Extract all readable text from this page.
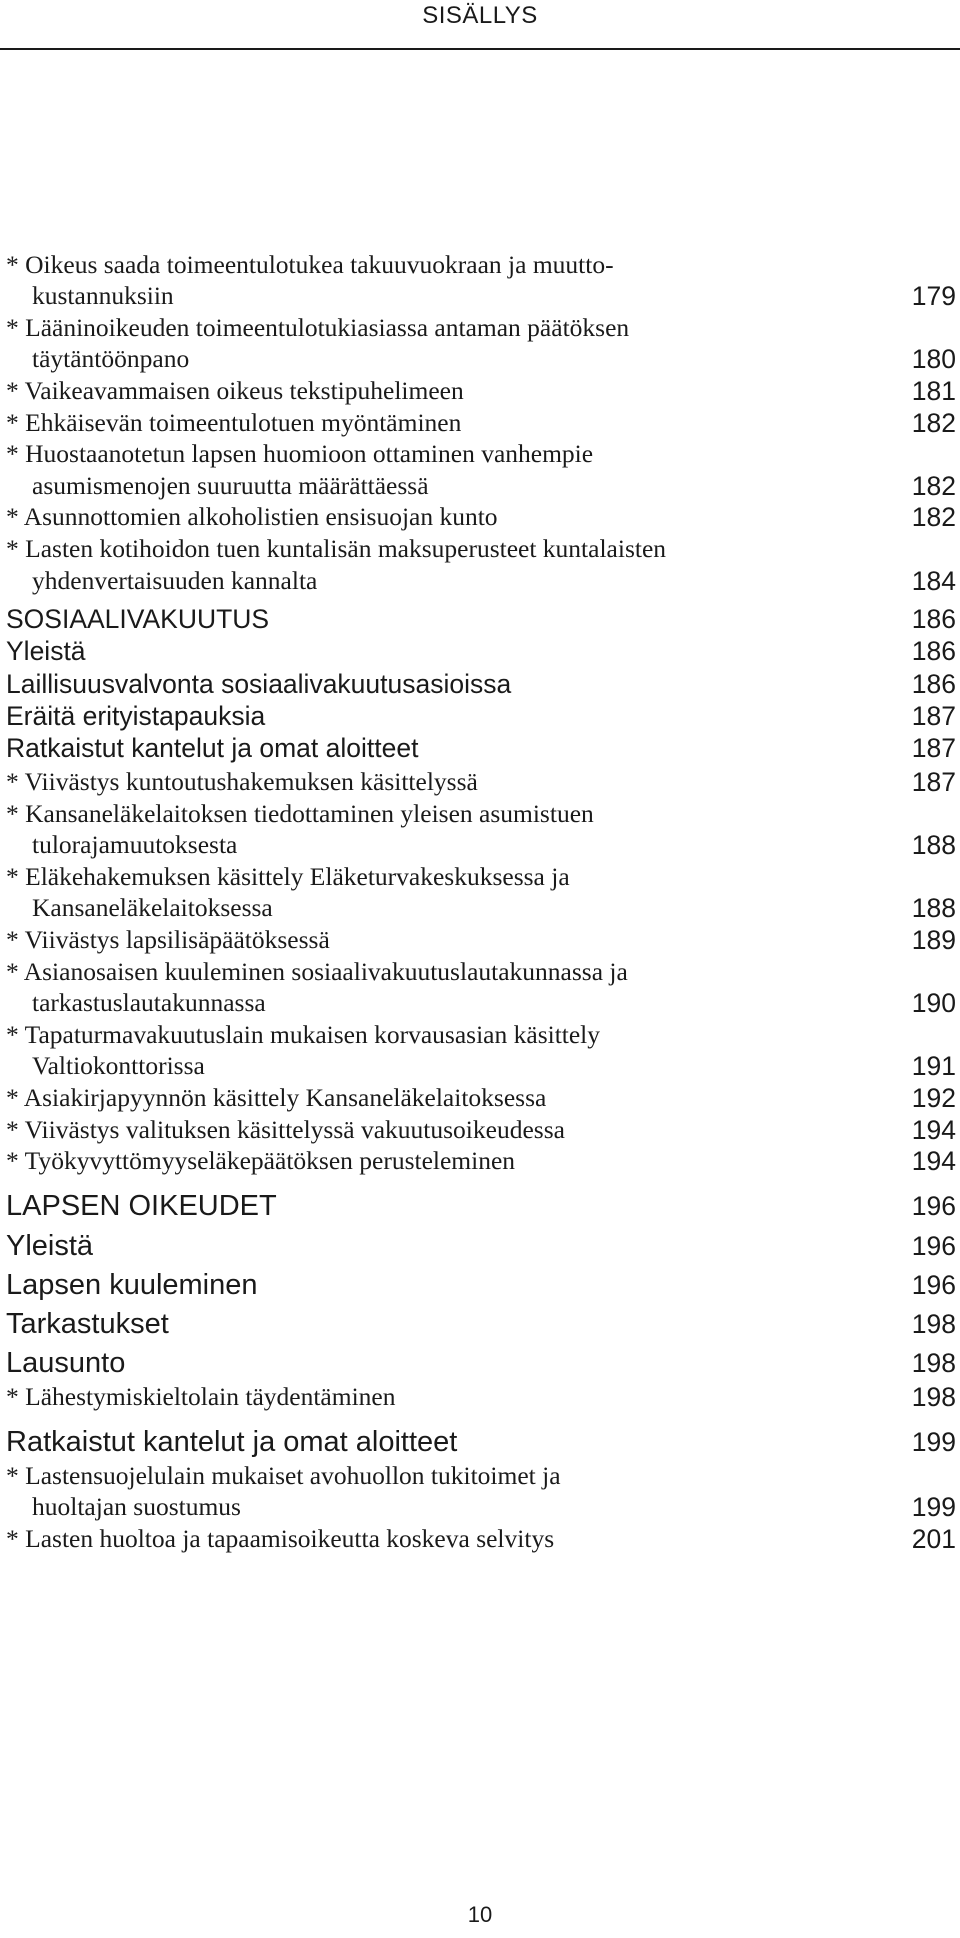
SISÄLLYS
* Oikeus saada toimeentulotukea takuuvuokraan ja muutto-
kustannuksiin	179
* Lääninoikeuden toimeentulotukiasiassa antaman päätöksen
täytäntöönpano	180
* Vaikeavammaisen oikeus tekstipuhelimeen	181
* Ehkäisevän toimeentulotuen myöntäminen	182
* Huostaanotetun lapsen huomioon ottaminen vanhempie
asumismenojen suuruutta määrättäessä	182
* Asunnottomien alkoholistien ensisuojan kunto	182
* Lasten kotihoidon tuen kuntalisän maksuperusteet kuntalaisten
yhdenvertaisuuden kannalta	184
SOSIAALIVAKUUTUS	186
Yleistä	186
Laillisuusvalvonta sosiaalivakuutusasioissa	186
Eräitä erityistapauksia	187
Ratkaistut kantelut ja omat aloitteet	187
* Viivästys kuntoutushakemuksen käsittelyssä	187
* Kansaneläkelaitoksen tiedottaminen yleisen asumistuen
tulorajamuutoksesta	188
* Eläkehakemuksen käsittely Eläketurvakeskuksessa ja
Kansaneläkelaitoksessa	188
* Viivästys lapsilisäpäätöksessä	189
* Asianosaisen kuuleminen sosiaalivakuutuslautakunnassa ja
tarkastuslautakunnassa	190
* Tapaturmavakuutuslain mukaisen korvausasian käsittely
Valtiokonttorissa	191
* Asiakirjapyynnön käsittely Kansaneläkelaitoksessa	192
* Viivästys valituksen käsittelyssä vakuutusoikeudessa	194
* Työkyvyttömyyseläkepäätöksen perusteleminen	194
LAPSEN OIKEUDET	196
Yleistä	196
Lapsen kuuleminen	196
Tarkastukset	198
Lausunto	198
* Lähestymiskieltolain täydentäminen	198
Ratkaistut kantelut ja omat aloitteet	199
* Lastensuojelulain mukaiset avohuollon tukitoimet ja
huoltajan suostumus	199
* Lasten huoltoa ja tapaamisoikeutta koskeva selvitys	201
10
